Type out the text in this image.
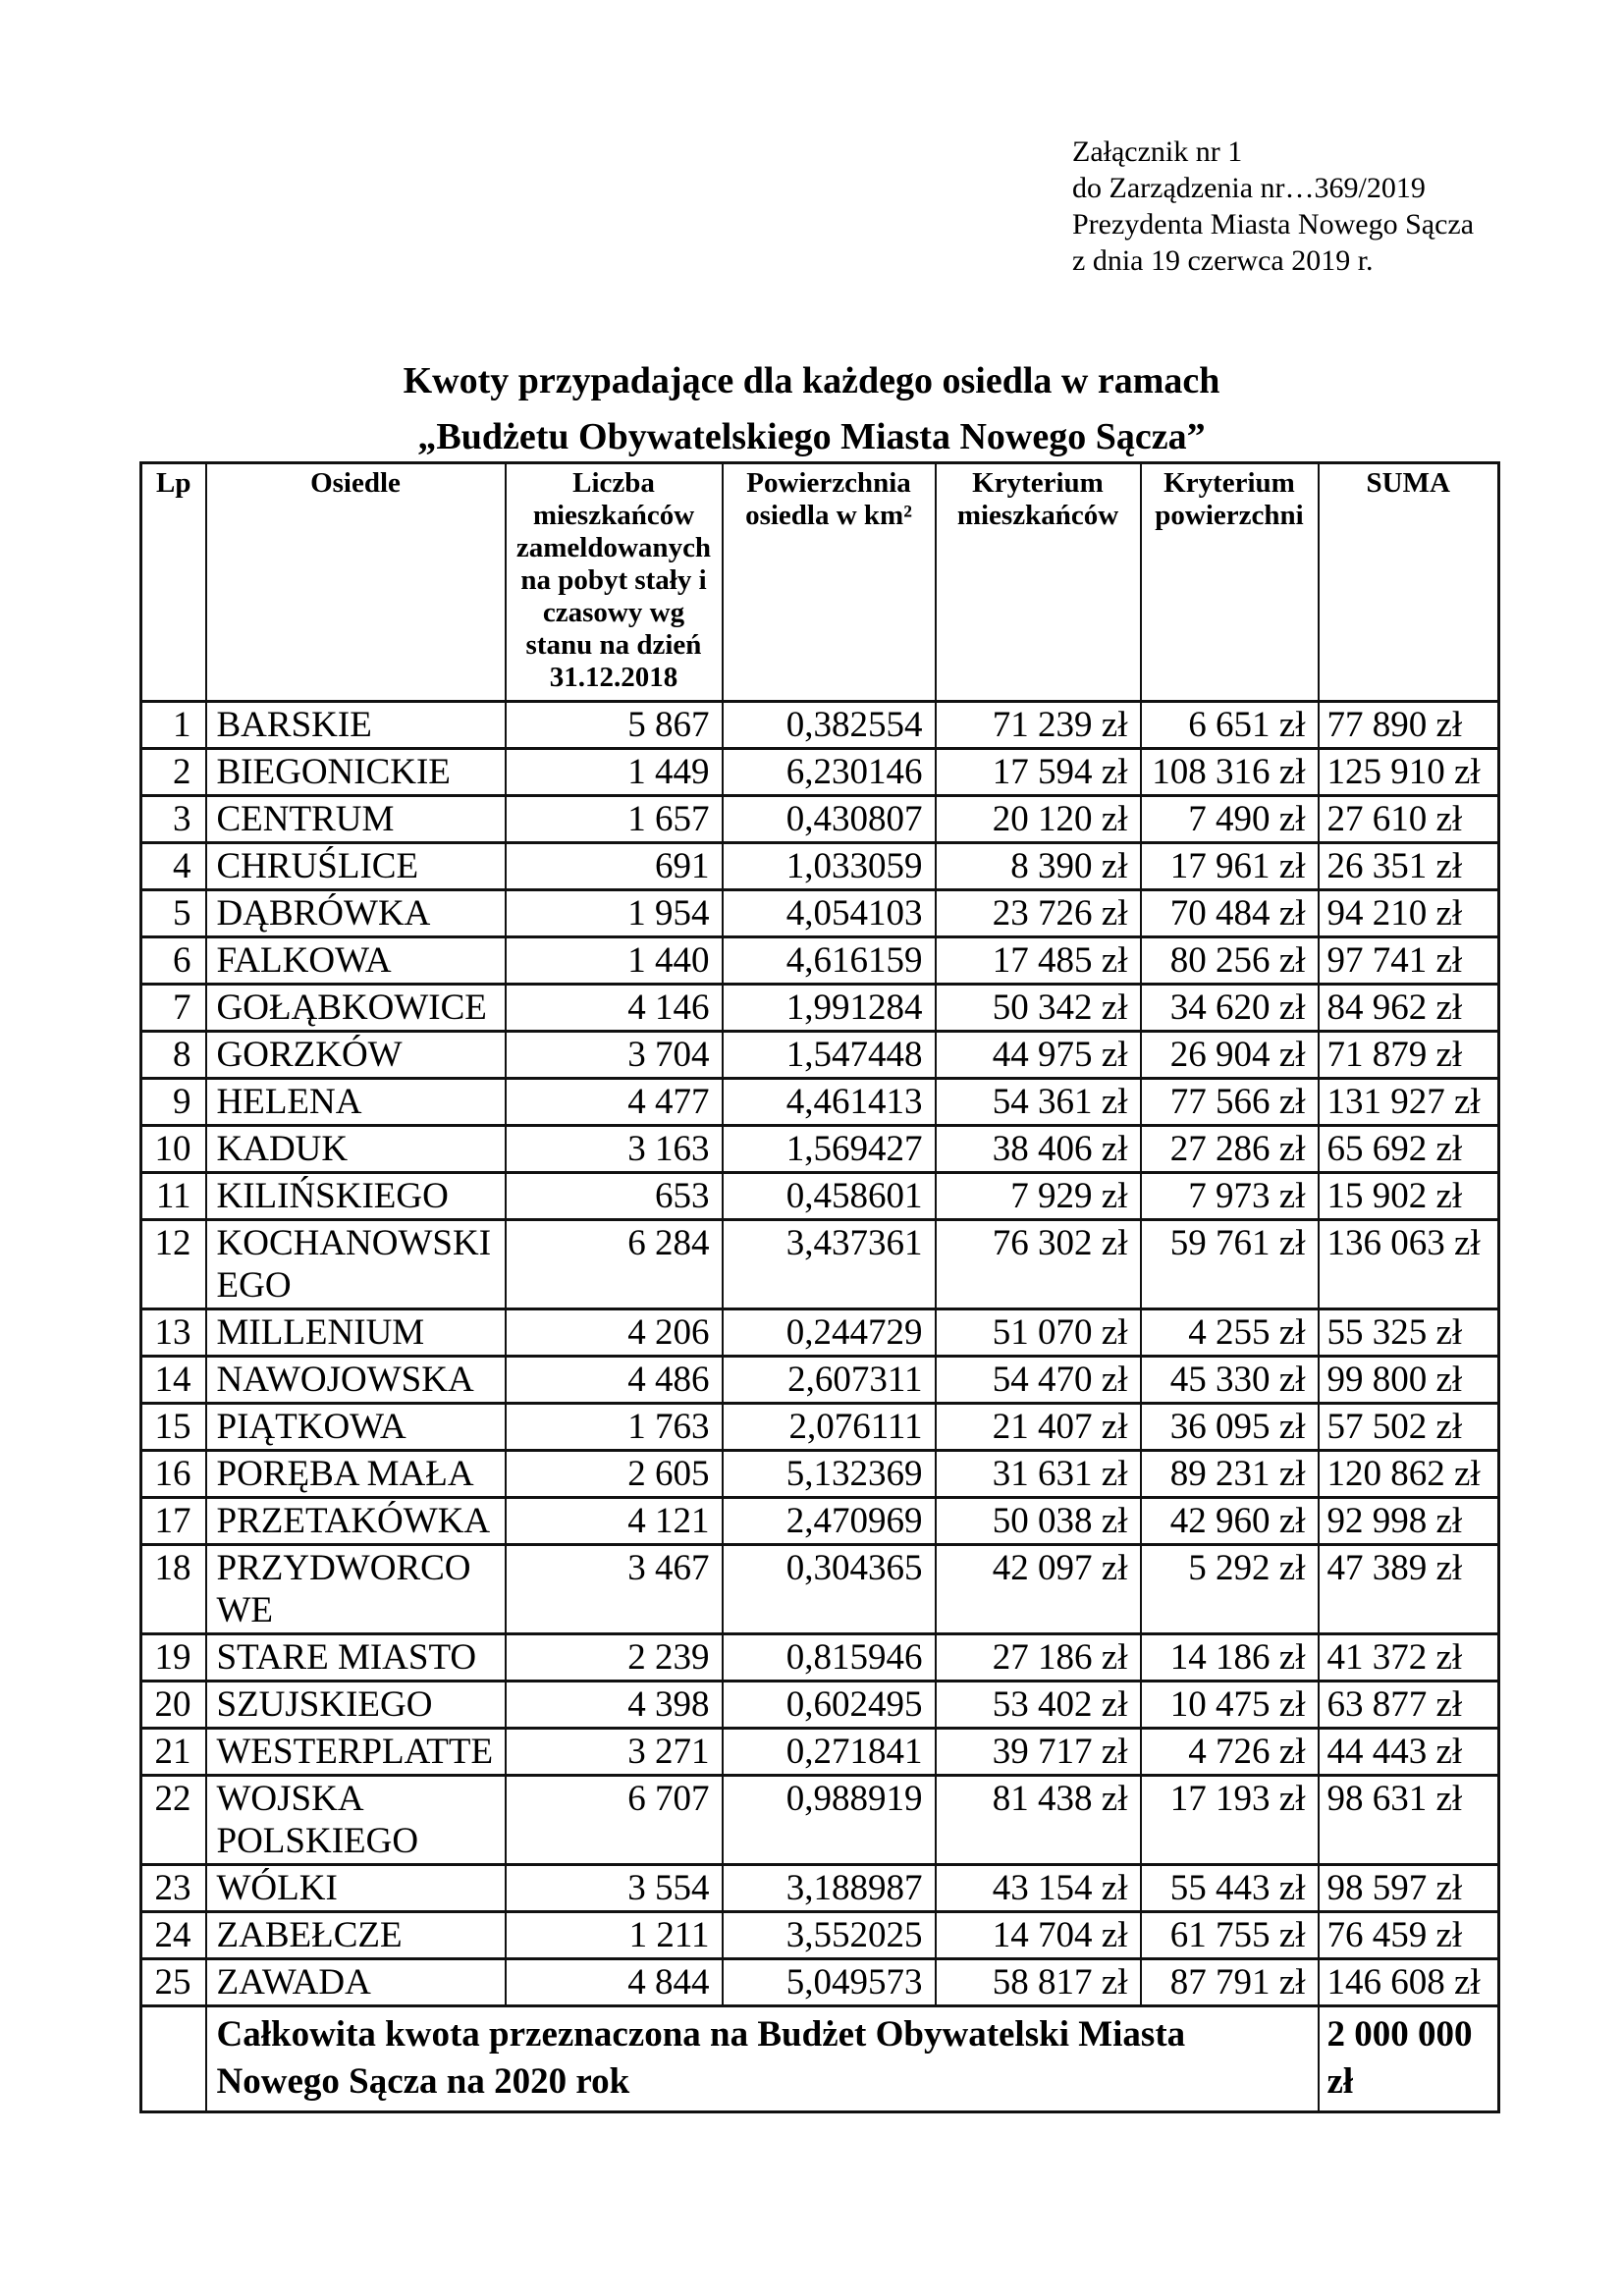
Załącznik nr 1
do Zarządzenia nr…369/2019
Prezydenta Miasta Nowego Sącza
z dnia 19 czerwca 2019 r.
Kwoty przypadające dla każdego osiedla w ramach
„Budżetu Obywatelskiego Miasta Nowego Sącza”
Lp	Osiedle	Liczba mieszkańców zameldowanych na pobyt stały i czasowy wg stanu na dzień 31.12.2018	Powierzchnia osiedla w km²	Kryterium mieszkańców	Kryterium powierzchni	SUMA
1	BARSKIE	5 867	0,382554	71 239 zł	6 651 zł	77 890 zł
2	BIEGONICKIE	1 449	6,230146	17 594 zł	108 316 zł	125 910 zł
3	CENTRUM	1 657	0,430807	20 120 zł	7 490 zł	27 610 zł
4	CHRUŚLICE	691	1,033059	8 390 zł	17 961 zł	26 351 zł
5	DĄBRÓWKA	1 954	4,054103	23 726 zł	70 484 zł	94 210 zł
6	FALKOWA	1 440	4,616159	17 485 zł	80 256 zł	97 741 zł
7	GOŁĄBKOWICE	4 146	1,991284	50 342 zł	34 620 zł	84 962 zł
8	GORZKÓW	3 704	1,547448	44 975 zł	26 904 zł	71 879 zł
9	HELENA	4 477	4,461413	54 361 zł	77 566 zł	131 927 zł
10	KADUK	3 163	1,569427	38 406 zł	27 286 zł	65 692 zł
11	KILIŃSKIEGO	653	0,458601	7 929 zł	7 973 zł	15 902 zł
12	KOCHANOWSKIEGO	6 284	3,437361	76 302 zł	59 761 zł	136 063 zł
13	MILLENIUM	4 206	0,244729	51 070 zł	4 255 zł	55 325 zł
14	NAWOJOWSKA	4 486	2,607311	54 470 zł	45 330 zł	99 800 zł
15	PIĄTKOWA	1 763	2,076111	21 407 zł	36 095 zł	57 502 zł
16	PORĘBA MAŁA	2 605	5,132369	31 631 zł	89 231 zł	120 862 zł
17	PRZETAKÓWKA	4 121	2,470969	50 038 zł	42 960 zł	92 998 zł
18	PRZYDWORCOWE	3 467	0,304365	42 097 zł	5 292 zł	47 389 zł
19	STARE MIASTO	2 239	0,815946	27 186 zł	14 186 zł	41 372 zł
20	SZUJSKIEGO	4 398	0,602495	53 402 zł	10 475 zł	63 877 zł
21	WESTERPLATTE	3 271	0,271841	39 717 zł	4 726 zł	44 443 zł
22	WOJSKA POLSKIEGO	6 707	0,988919	81 438 zł	17 193 zł	98 631 zł
23	WÓLKI	3 554	3,188987	43 154 zł	55 443 zł	98 597 zł
24	ZABEŁCZE	1 211	3,552025	14 704 zł	61 755 zł	76 459 zł
25	ZAWADA	4 844	5,049573	58 817 zł	87 791 zł	146 608 zł
	Całkowita kwota przeznaczona na Budżet Obywatelski Miasta Nowego Sącza na 2020 rok					2 000 000 zł
